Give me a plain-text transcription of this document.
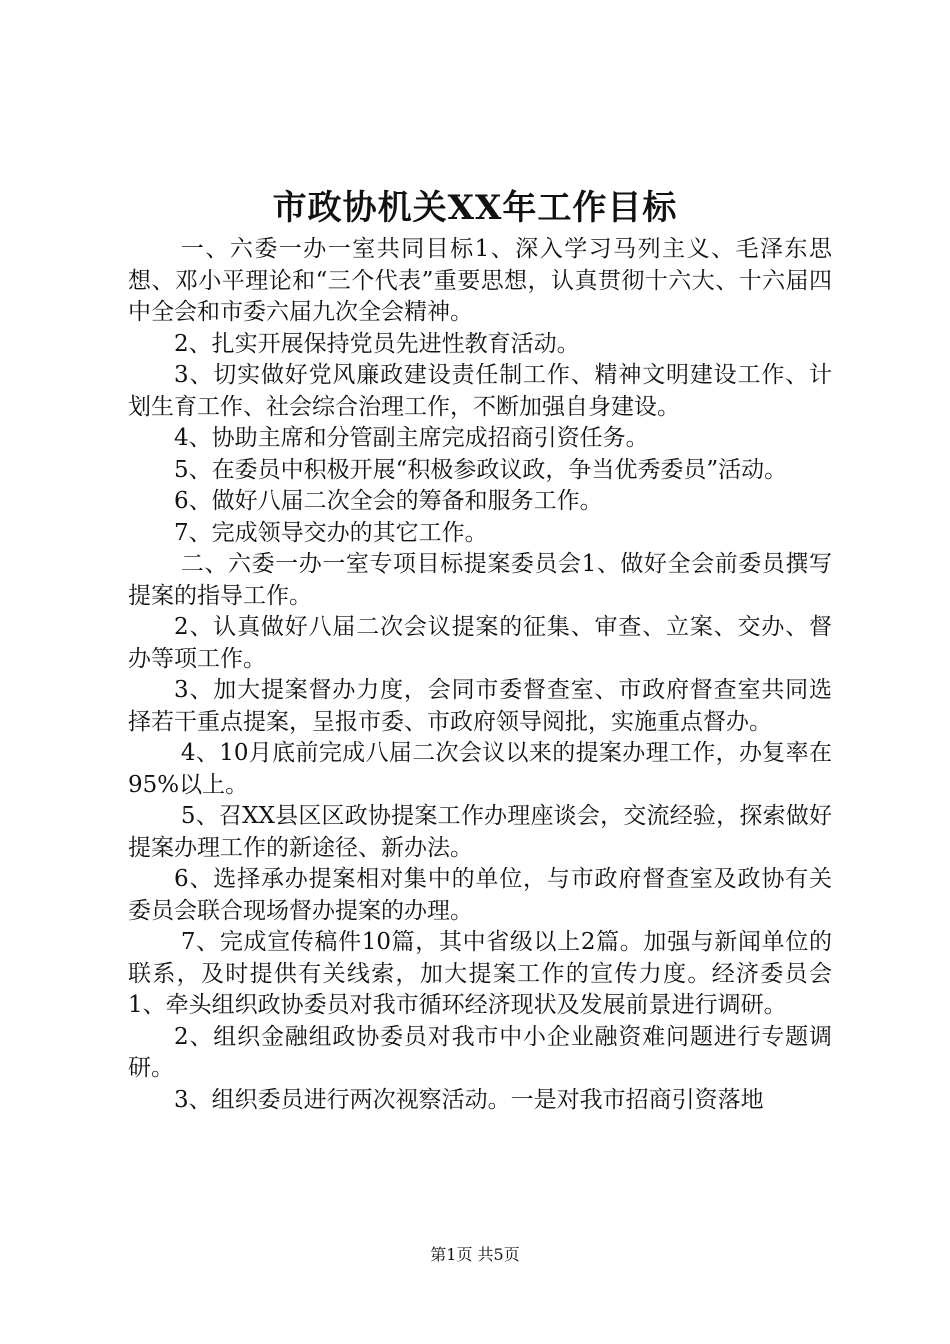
市政协机关XX年工作目标

一、六委一办一室共同目标1、深入学习马列主义、毛泽东思想、邓小平理论和“三个代表”重要思想，认真贯彻十六大、十六届四中全会和市委六届九次全会精神。

2、扎实开展保持党员先进性教育活动。

3、切实做好党风廉政建设责任制工作、精神文明建设工作、计划生育工作、社会综合治理工作，不断加强自身建设。

4、协助主席和分管副主席完成招商引资任务。

5、在委员中积极开展“积极参政议政，争当优秀委员”活动。

6、做好八届二次全会的筹备和服务工作。

7、完成领导交办的其它工作。

二、六委一办一室专项目标提案委员会1、做好全会前委员撰写提案的指导工作。

2、认真做好八届二次会议提案的征集、审查、立案、交办、督办等项工作。

3、加大提案督办力度，会同市委督查室、市政府督查室共同选择若干重点提案，呈报市委、市政府领导阅批，实施重点督办。

4、10月底前完成八届二次会议以来的提案办理工作，办复率在95%以上。

5、召XX县区区政协提案工作办理座谈会，交流经验，探索做好提案办理工作的新途径、新办法。

6、选择承办提案相对集中的单位，与市政府督查室及政协有关委员会联合现场督办提案的办理。

7、完成宣传稿件10篇，其中省级以上2篇。加强与新闻单位的联系，及时提供有关线索，加大提案工作的宣传力度。经济委员会1、牵头组织政协委员对我市循环经济现状及发展前景进行调研。

2、组织金融组政协委员对我市中小企业融资难问题进行专题调研。

3、组织委员进行两次视察活动。一是对我市招商引资落地

第1页 共5页
